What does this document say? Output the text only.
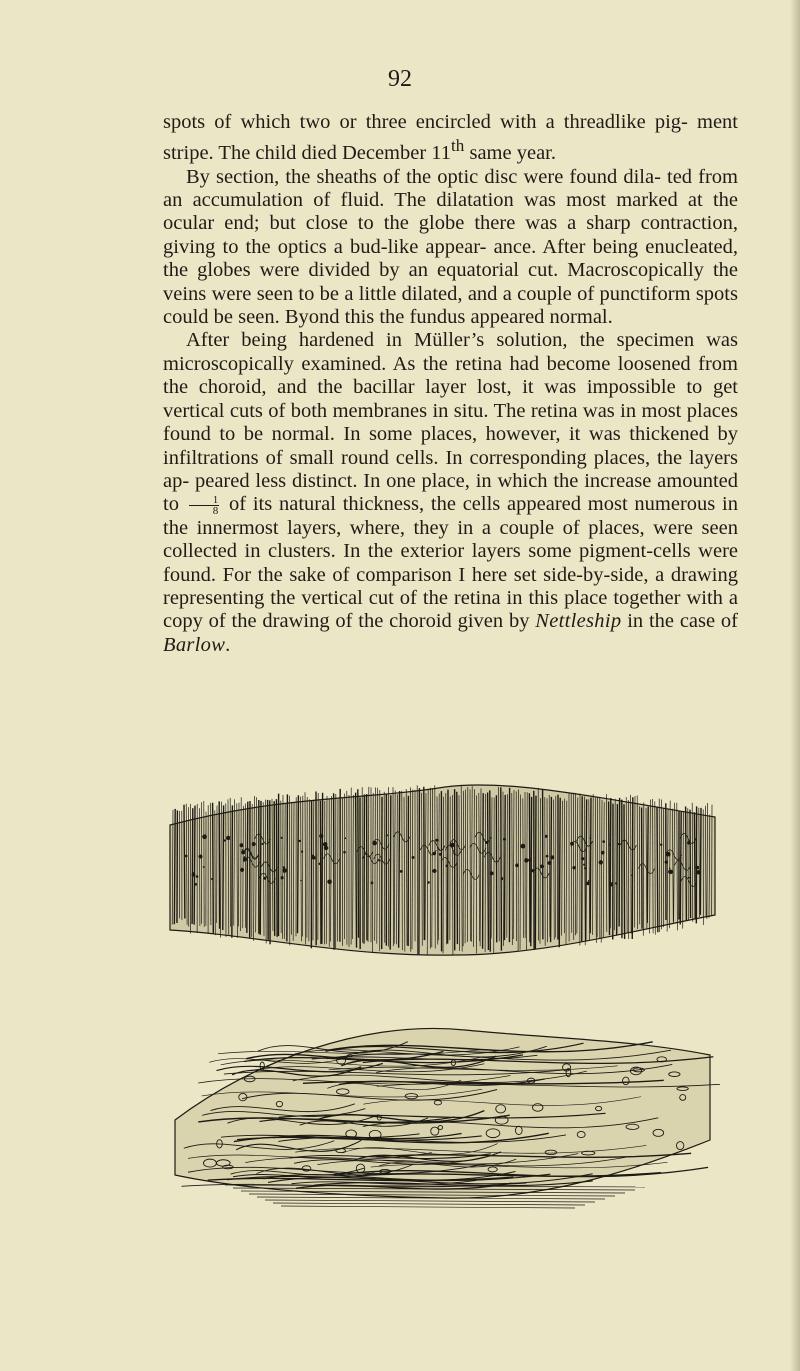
92

spots of which two or three encircled with a threadlike pig- ment stripe. The child died December 11th same year.

By section, the sheaths of the optic disc were found dila- ted from an accumulation of fluid. The dilatation was most marked at the ocular end; but close to the globe there was a sharp contraction, giving to the optics a bud-like appear- ance. After being enucleated, the globes were divided by an equatorial cut. Macroscopically the veins were seen to be a little dilated, and a couple of punctiform spots could be seen. Byond this the fundus appeared normal.

After being hardened in Müller’s solution, the specimen was microscopically examined. As the retina had become loosened from the choroid, and the bacillar layer lost, it was impossible to get vertical cuts of both membranes in situ. The retina was in most places found to be normal. In some places, however, it was thickened by infiltrations of small round cells. In corresponding places, the layers ap- peared less distinct. In one place, in which the increase amounted to $\frac{1}{8}$ of its natural thickness, the cells appeared most numerous in the innermost layers, where, they in a couple of places, were seen collected in clusters. In the exterior layers some pigment-cells were found. For the sake of comparison I here set side-by-side, a drawing representing the vertical cut of the retina in this place together with a copy of the drawing of the choroid given by Nettleship in the case of Barlow.
